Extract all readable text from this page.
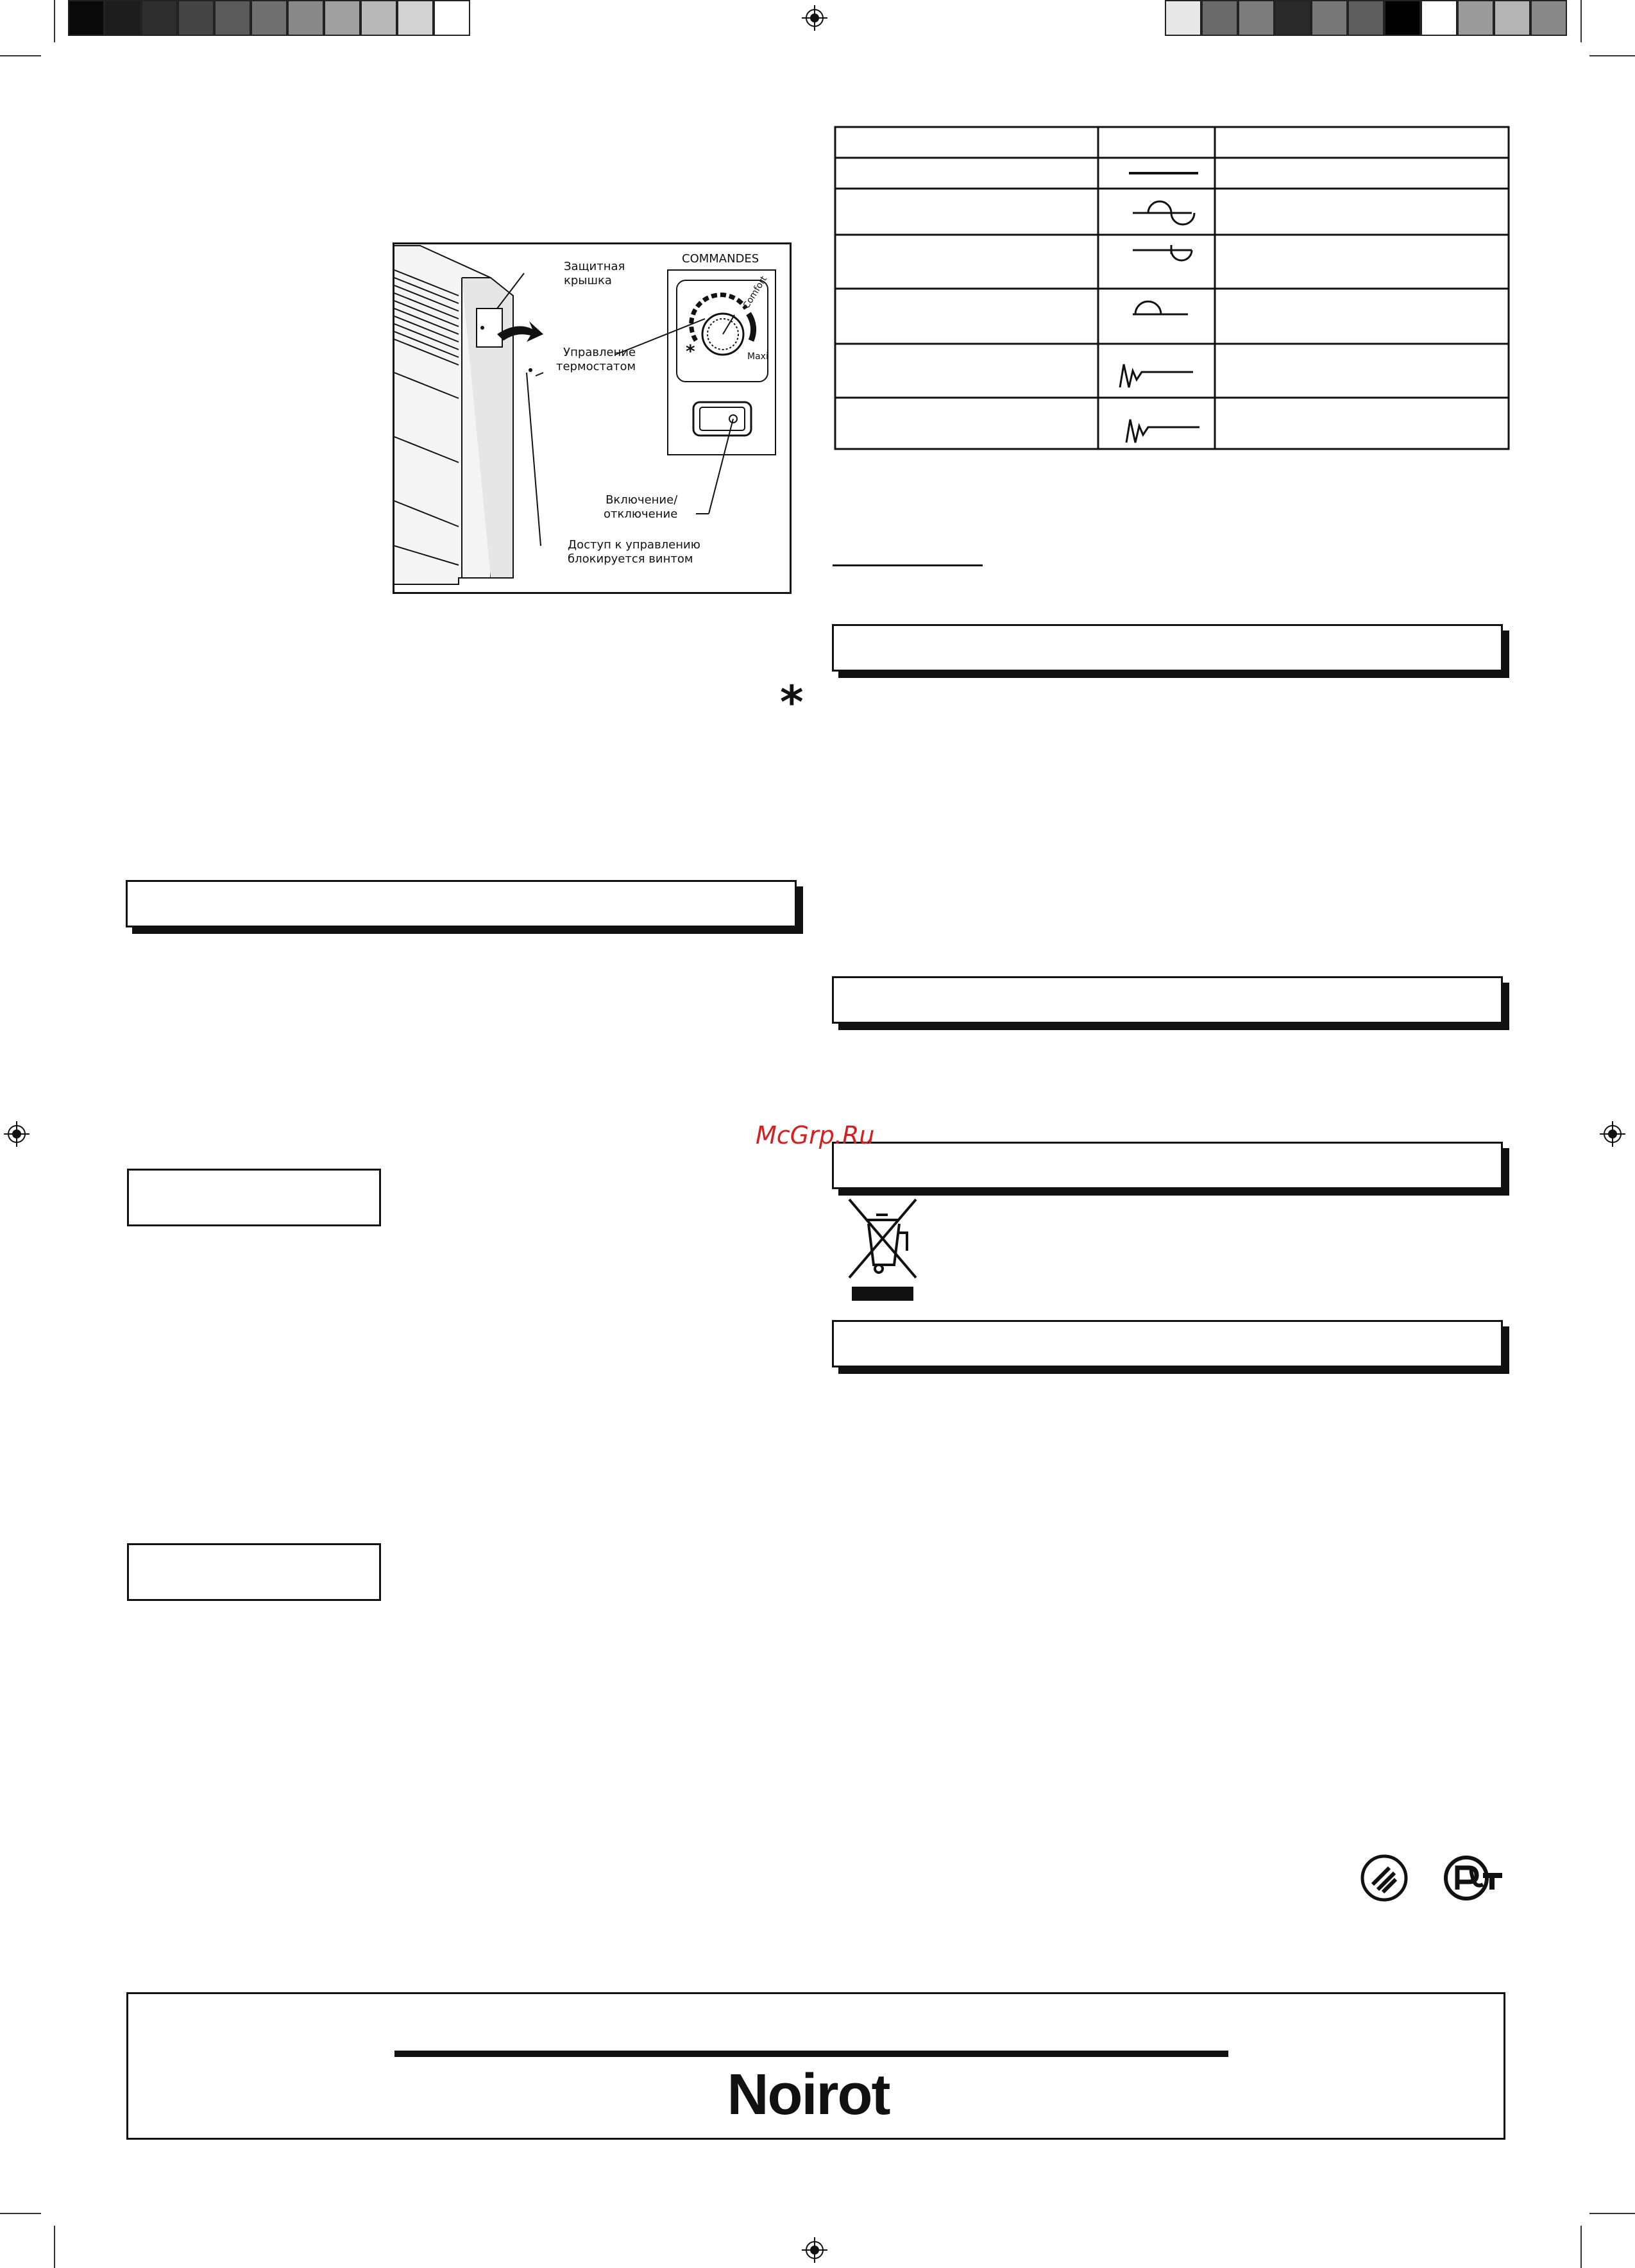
Защитная
крышка
Управление
термостатом
COMMANDES
Comfort
Maxi
*
Включение/
отключение
Доступ к управлению
блокируется винтом
*
McGrp.Ru
Noirot
